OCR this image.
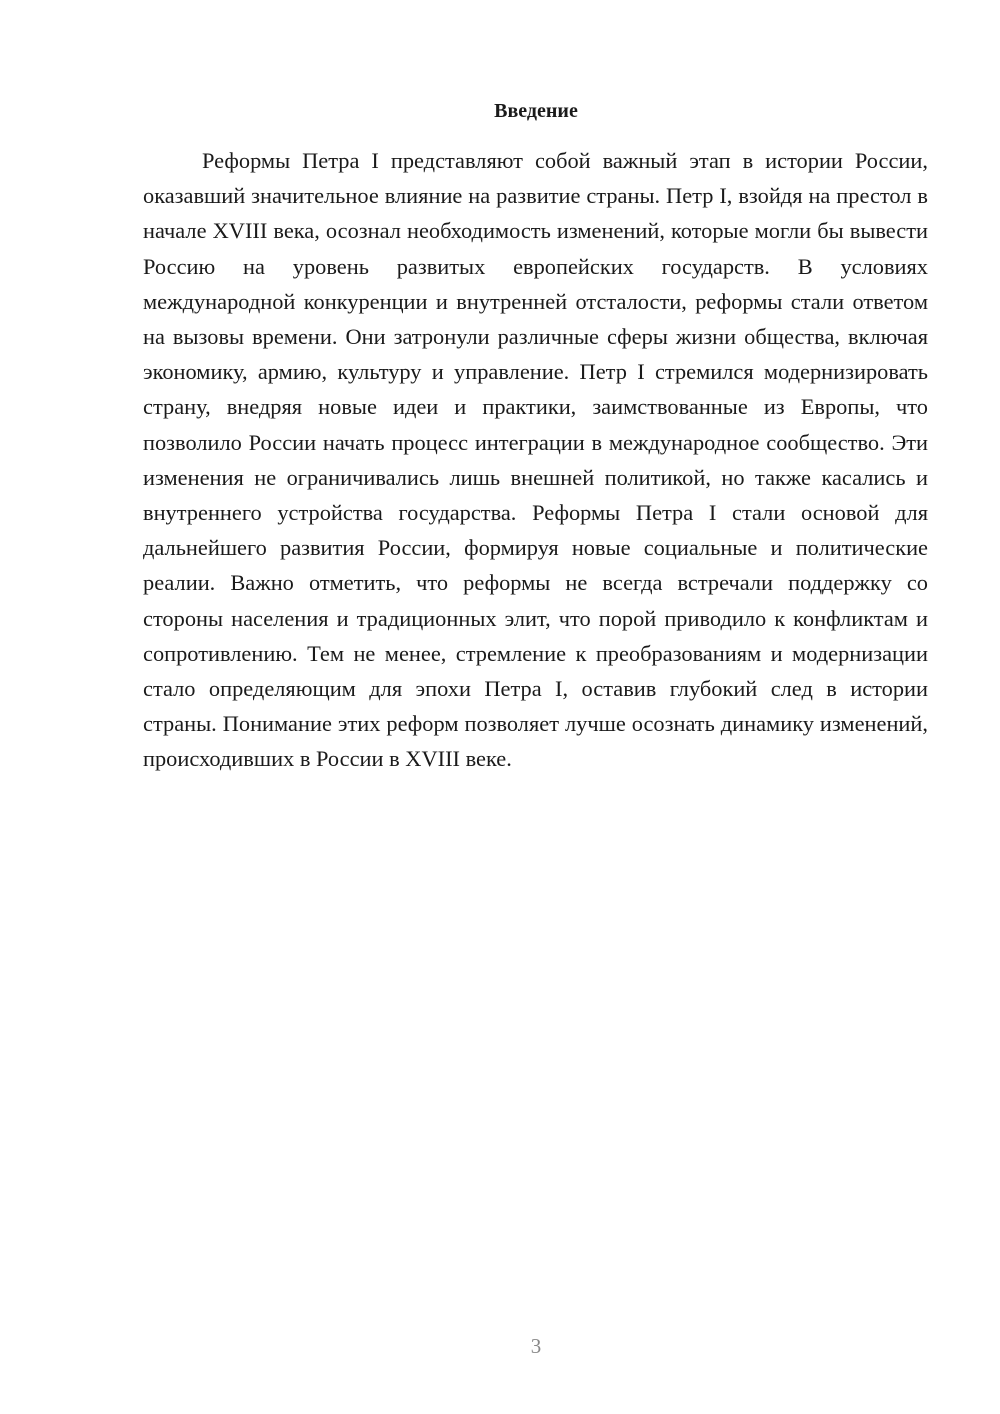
Введение

Реформы Петра I представляют собой важный этап в истории России, оказавший значительное влияние на развитие страны. Петр I, взойдя на престол в начале XVIII века, осознал необходимость изменений, которые могли бы вывести Россию на уровень развитых европейских государств. В условиях международной конкуренции и внутренней отсталости, реформы стали ответом на вызовы времени. Они затронули различные сферы жизни общества, включая экономику, армию, культуру и управление. Петр I стремился модернизировать страну, внедряя новые идеи и практики, заимствованные из Европы, что позволило России начать процесс интеграции в международное сообщество. Эти изменения не ограничивались лишь внешней политикой, но также касались и внутреннего устройства государства. Реформы Петра I стали основой для дальнейшего развития России, формируя новые социальные и политические реалии. Важно отметить, что реформы не всегда встречали поддержку со стороны населения и традиционных элит, что порой приводило к конфликтам и сопротивлению. Тем не менее, стремление к преобразованиям и модернизации стало определяющим для эпохи Петра I, оставив глубокий след в истории страны. Понимание этих реформ позволяет лучше осознать динамику изменений, происходивших в России в XVIII веке.

3
